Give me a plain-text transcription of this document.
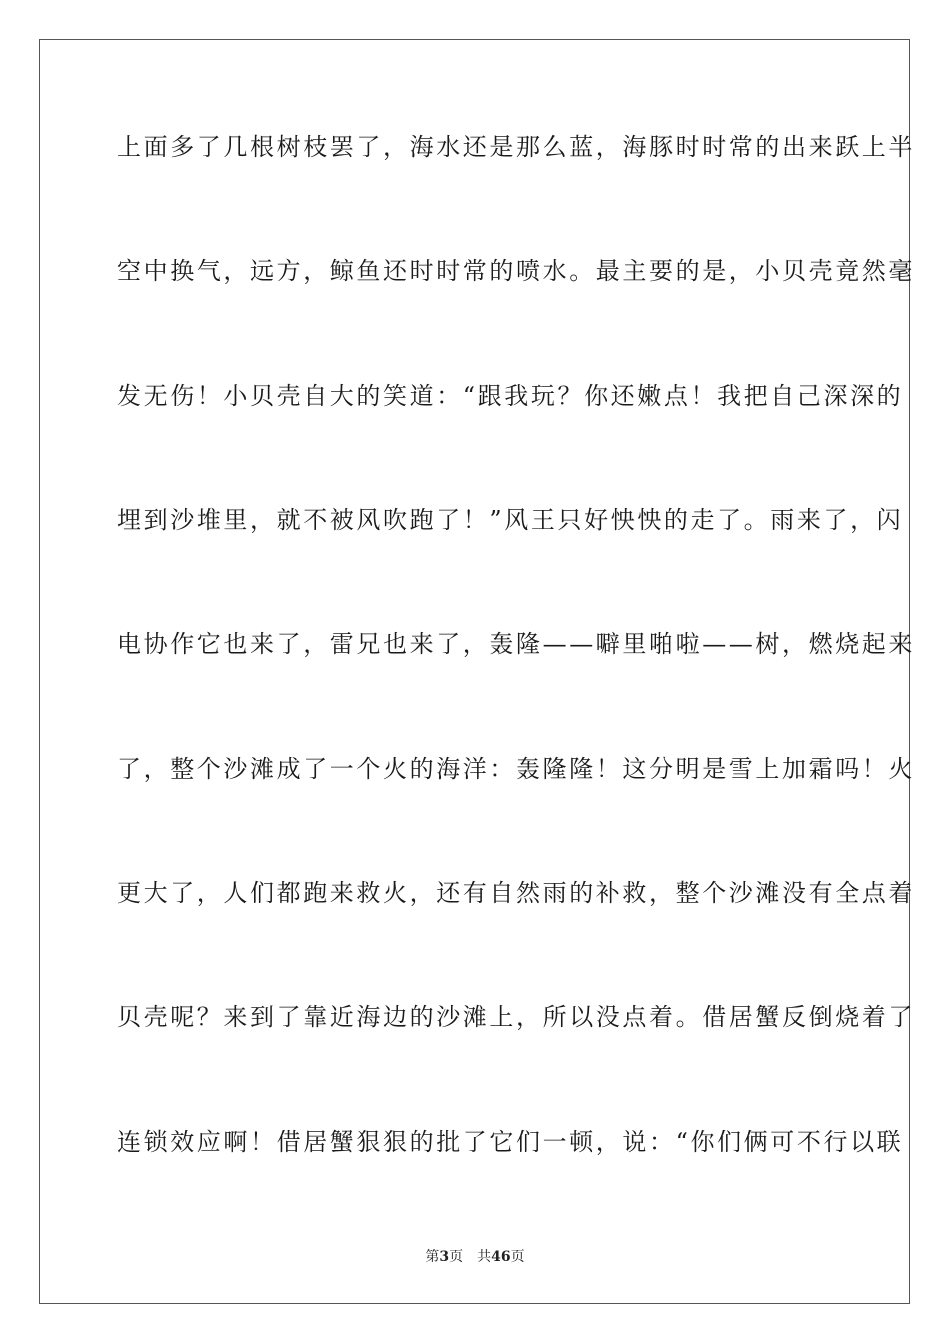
上面多了几根树枝罢了，海水还是那么蓝，海豚时时常的出来跃上半
空中换气，远方，鲸鱼还时时常的喷水。最主要的是，小贝壳竟然毫
发无伤！小贝壳自大的笑道：“跟我玩？你还嫩点！我把自己深深的
埋到沙堆里，就不被风吹跑了！”风王只好怏怏的走了。雨来了，闪
电协作它也来了，雷兄也来了，轰隆——噼里啪啦——树，燃烧起来
了，整个沙滩成了一个火的海洋：轰隆隆！这分明是雪上加霜吗！火
更大了，人们都跑来救火，还有自然雨的补救，整个沙滩没有全点着
贝壳呢？来到了靠近海边的沙滩上，所以没点着。借居蟹反倒烧着了
连锁效应啊！借居蟹狠狠的批了它们一顿，说：“你们俩可不行以联
第3页 共46页
